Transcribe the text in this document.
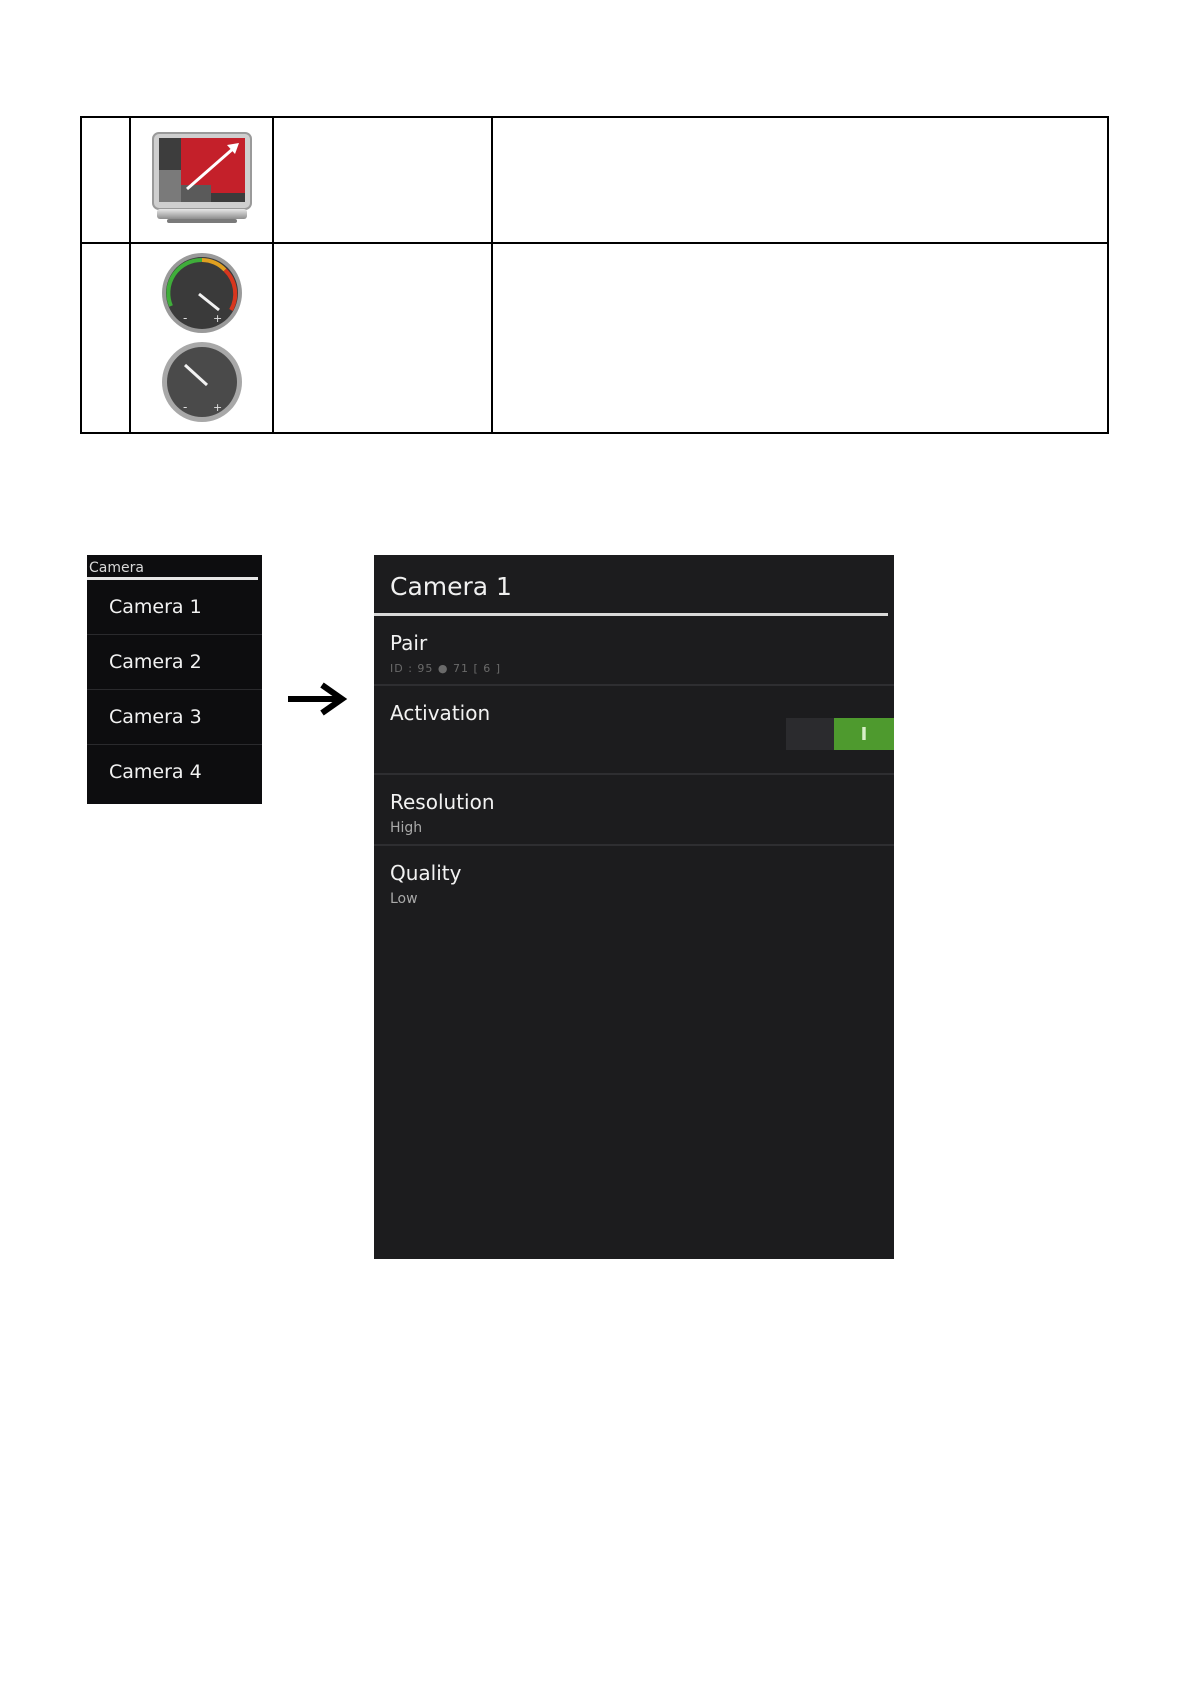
- +
- +		

Camera
Camera 1
Camera 2
Camera 3
Camera 4
Camera 1
Pair
ID : 95 ● 71 [ 6 ]
Activation
I
Resolution
High
Quality
Low
